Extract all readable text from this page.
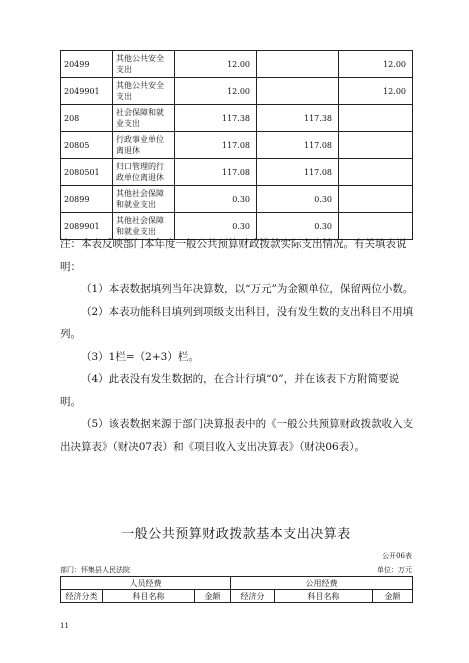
20499	其他公共安全支出	12.00		12.00
2049901	其他公共安全支出	12.00		12.00
208	社会保障和就业支出	117.38	117.38	
20805	行政事业单位离退休	117.08	117.08	
2080501	归口管理的行政单位离退休	117.08	117.08	
20899	其他社会保障和就业支出	0.30	0.30	
2089901	其他社会保障和就业支出	0.30	0.30	

注：本表反映部门本年度一般公共预算财政拨款实际支出情况。有关填表说明：

（1）本表数据填列当年决算数，以“万元”为金额单位，保留两位小数。

（2）本表功能科目填列到项级支出科目，没有发生数的支出科目不用填列。

（3）1栏=（2+3）栏。

（4）此表没有发生数据的，在合计行填“0”，并在该表下方附简要说明。

（5）该表数据来源于部门决算报表中的《一般公共预算财政拨款收入支出决算表》（财决07表）和《项目收入支出决算表》（财决06表）。

一般公共预算财政拨款基本支出决算表
公开06表
部门：怀集县人民法院	单位：万元
人员经费			公用经费		
经济分类	科目名称	金额	经济分	科目名称	金额
11
